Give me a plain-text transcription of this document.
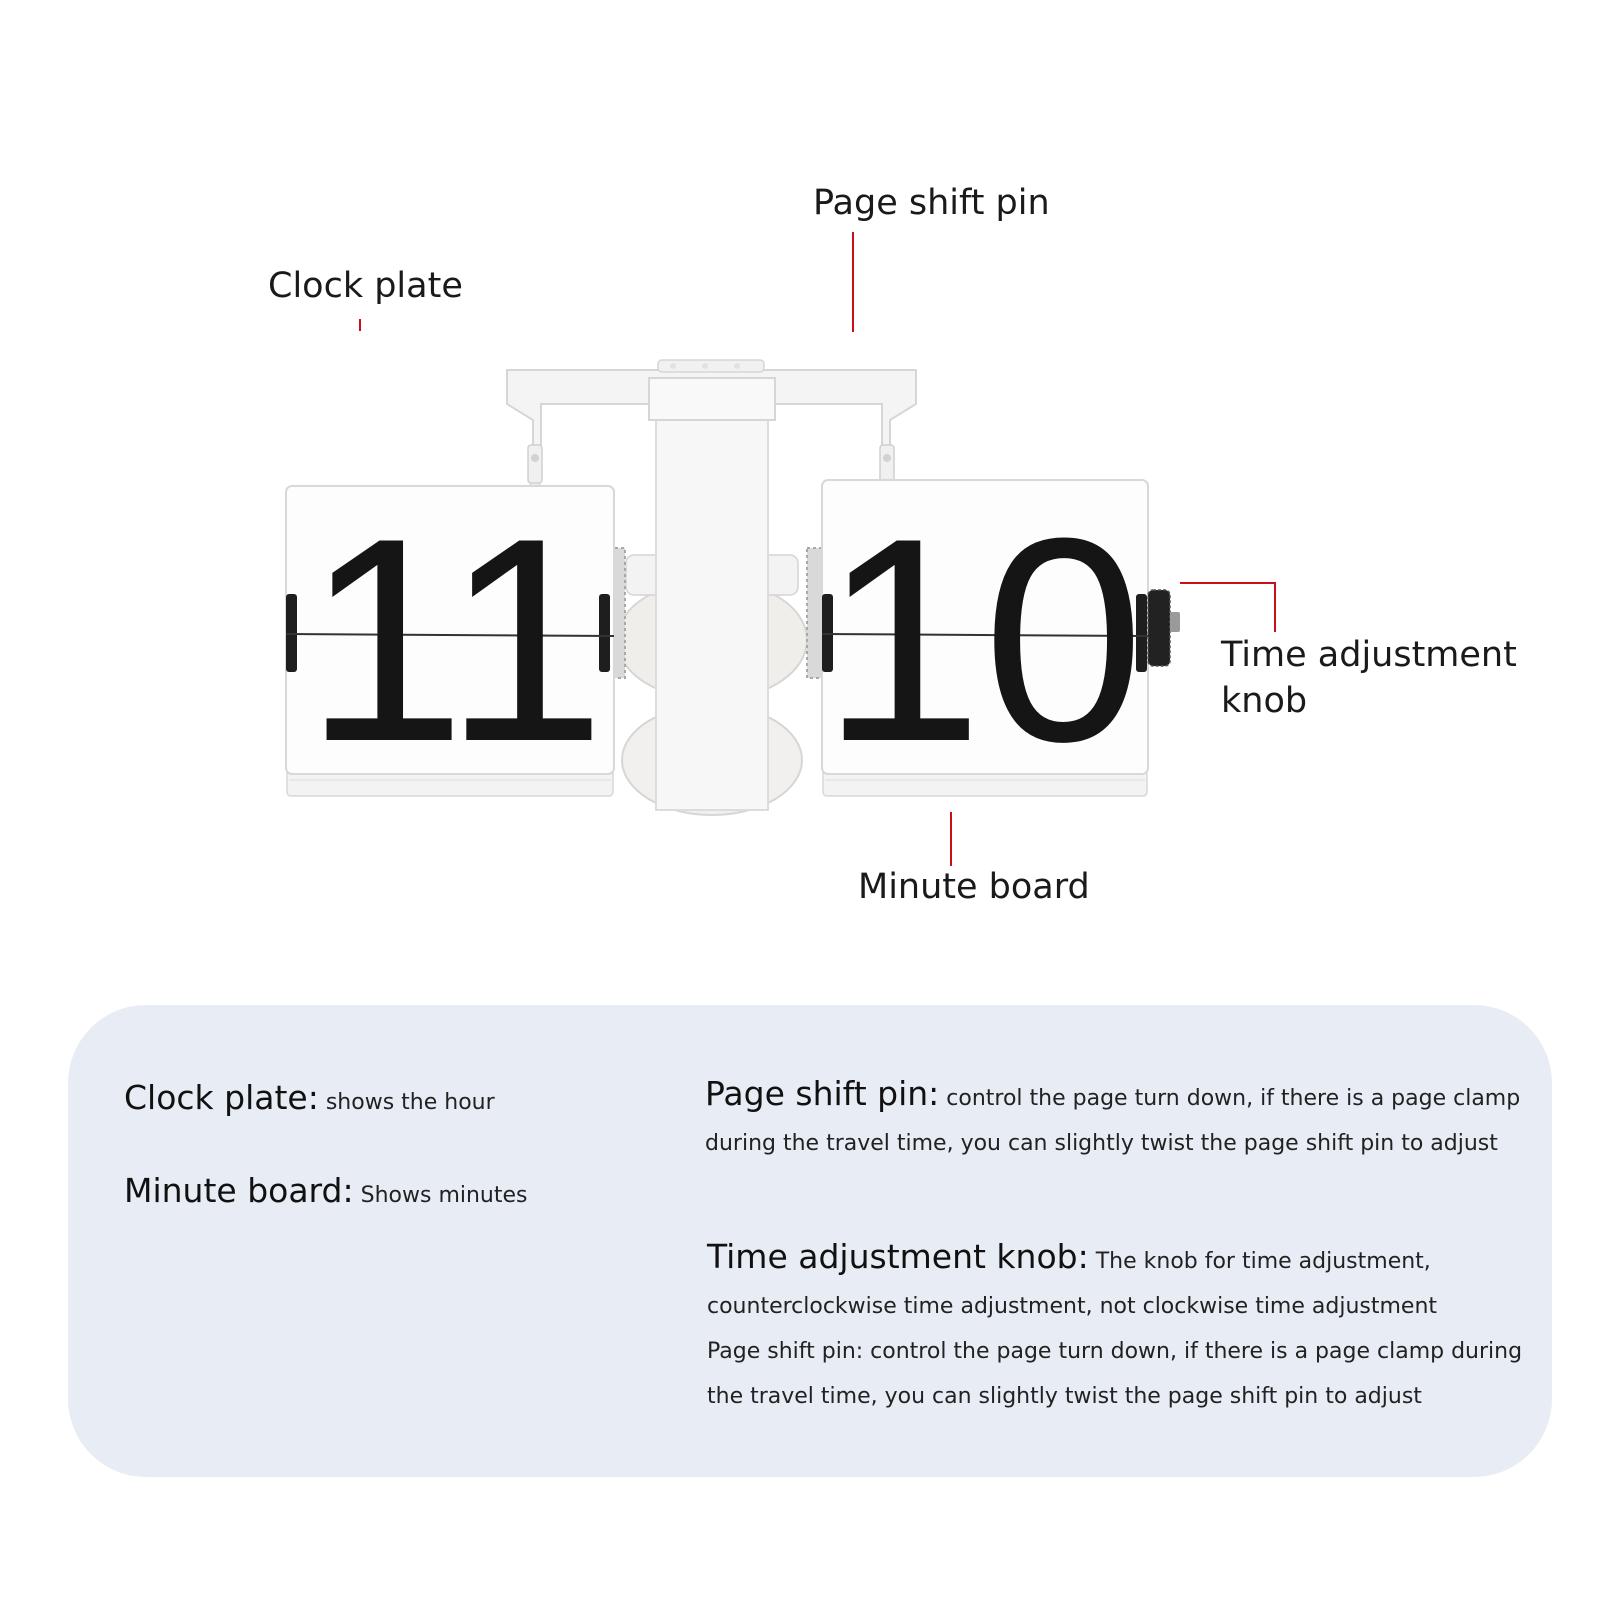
Clock plate
Page shift pin
Time adjustment
knob
Minute board
11 10
Clock plate: shows the hour
Minute board: Shows minutes
Page shift pin: control the page turn down, if there is a page clamp
during the travel time, you can slightly twist the page shift pin to adjust
Time adjustment knob: The knob for time adjustment,
counterclockwise time adjustment, not clockwise time adjustment
Page shift pin: control the page turn down, if there is a page clamp during
the travel time, you can slightly twist the page shift pin to adjust
